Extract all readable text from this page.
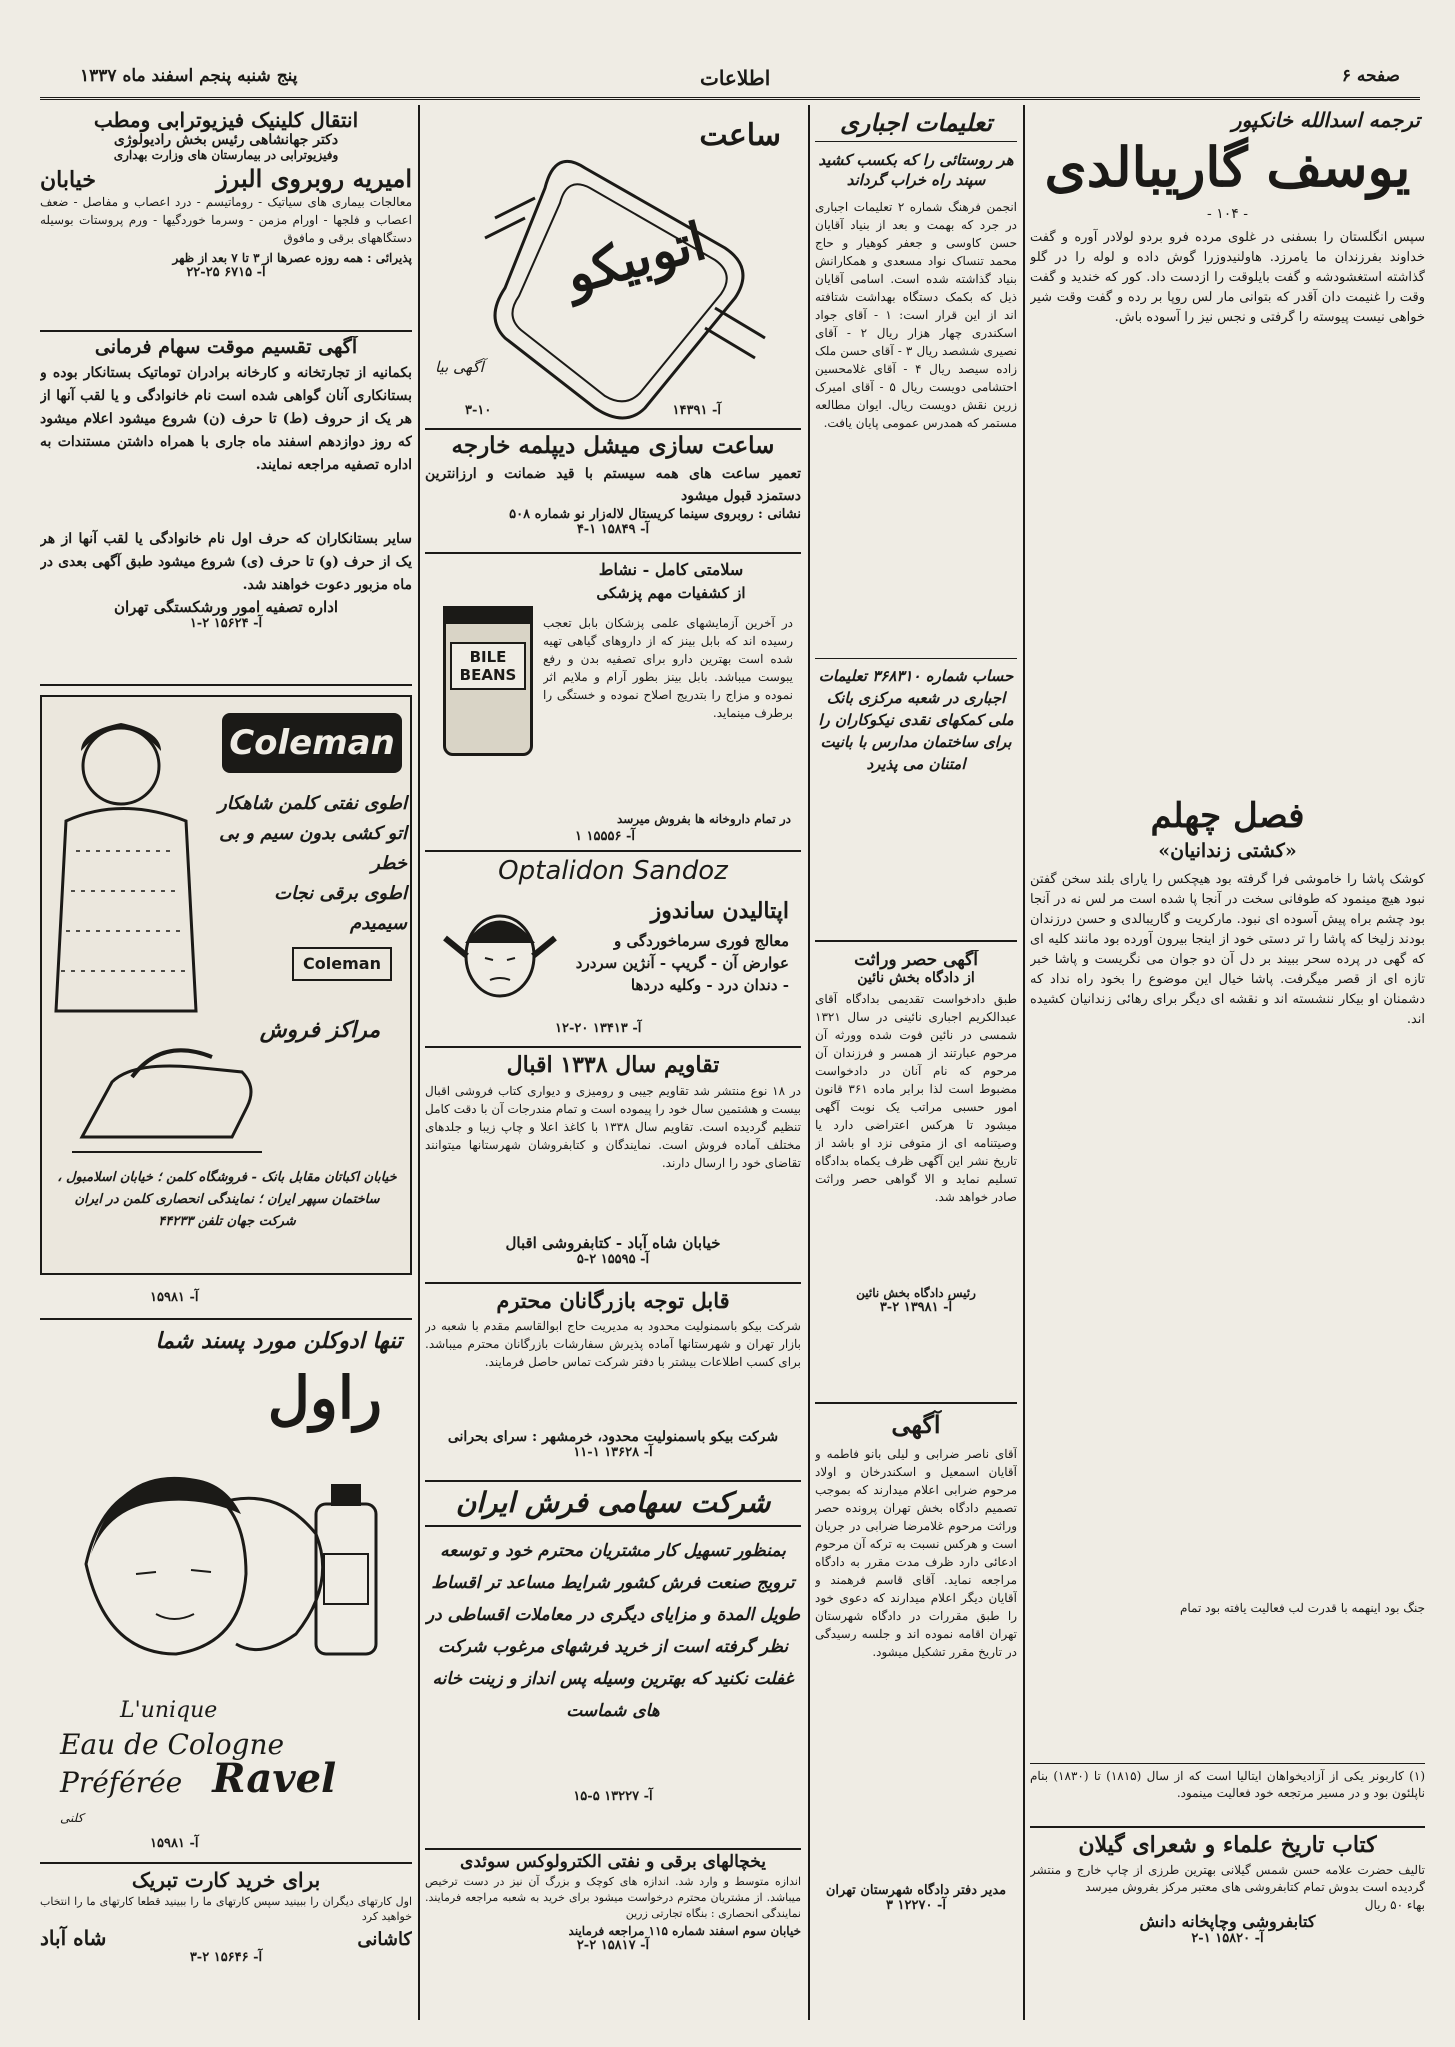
صفحه ۶
اطلاعات
پنج شنبه پنجم اسفند ماه ۱۳۳۷
ترجمه اسدالله خانکپور
یوسف گاریبالدی
- ۱۰۴ -
سپس انگلستان را بسفنی در غلوی مرده فرو بردو لولادر آوره و گفت خداوند بفرزندان ما یامرزد. هاولنیدوزرا گوش داده و لوله را در گلو گذاشته استغشودشه و گفت بایلوقت را ازدست داد. کور که خندید و گفت وقت را غنیمت دان آقدر که بتوانی مار لس روپا بر رده و گفت وقت شیر خواهی نیست پیوسته را گرفتی و نجس نیز را آسوده باش.
فصل چهلم
«کشتی زندانیان»
کوشک پاشا را خاموشی فرا گرفته بود هیچکس را یارای بلند سخن گفتن نبود هیچ مینمود که طوفانی سخت در آنجا پا شده است مر لس نه در آنجا بود چشم براه پیش آسوده ای نبود. مارکریت و گاریبالدی و حسن درزندان بودند زلیخا که پاشا را تر دستی خود از اینجا بیرون آورده بود مانند کلیه ای که گهی در پرده سحر ببیند بر دل آن دو جوان می نگریست و پاشا خبر تازه ای از قصر میگرفت. پاشا خیال این موضوع را بخود راه نداد که دشمنان او بیکار ننشسته اند و نقشه ای دیگر برای رهائی زندانیان کشیده اند.
جنگ بود اینهمه با قدرت لب فعالیت یافته بود تمام
(۱) کاربونر یکی از آزادیخواهان ایتالیا است که از سال (۱۸۱۵) تا (۱۸۳۰) بنام ناپلئون بود و در مسیر مرتجعه خود فعالیت مینمود.
کتاب تاریخ علماء و شعرای گیلان
تالیف حضرت علامه حسن شمس گیلانی بهترین طرزی از چاپ خارج و منتشر گردیده است بدوش تمام کتابفروشی های معتبر مرکز بفروش میرسد
بهاء ۵۰ ریال
کتابفروشی وچاپخانه دانش
آ- ۱۵۸۲۰ ۱-۲
تعلیمات اجباری
هر روستائی را که بکسب کشید سپند راه خراب گرداند
انجمن فرهنگ شماره ۲ تعلیمات اجباری در جرد که بهمت و بعد از بنیاد آقایان حسن کاوسی و جعفر کوهیار و حاج محمد تنساک نواد مسعدی و همکارانش بنیاد گذاشته شده است. اسامی آقایان ذیل که بکمک دستگاه بهداشت شتافته اند از این قرار است: ۱ - آقای جواد اسکندری چهار هزار ریال ۲ - آقای نصیری ششصد ریال ۳ - آقای حسن ملک زاده سیصد ریال ۴ - آقای غلامحسین احتشامی دویست ریال ۵ - آقای امیرک زرین نقش دویست ریال. ایوان مطالعه مستمر که همدرس عمومی پایان یافت.
حساب شماره ۳۶۸۳۱۰ تعلیمات اجباری در شعبه مرکزی بانک ملی کمکهای نقدی نیکوکاران را برای ساختمان مدارس با بانیت امتنان می پذیرد
آگهی حصر وراثت
از دادگاه بخش نائین
طبق دادخواست تقدیمی بدادگاه آقای عبدالکریم اجباری نائینی در سال ۱۳۲۱ شمسی در نائین فوت شده وورثه آن مرحوم عبارتند از همسر و فرزندان آن مرحوم که نام آنان در دادخواست مضبوط است لذا برابر ماده ۳۶۱ قانون امور حسبی مراتب یک نوبت آگهی میشود تا هرکس اعتراضی دارد یا وصیتنامه ای از متوفی نزد او باشد از تاریخ نشر این آگهی ظرف یکماه بدادگاه تسلیم نماید و الا گواهی حصر وراثت صادر خواهد شد.
رئیس دادگاه بخش نائین
آ- ۱۳۹۸۱ ۲-۳
آگهی
آقای ناصر ضرابی و لیلی بانو فاطمه و آقایان اسمعیل و اسکندرخان و اولاد مرحوم ضرابی اعلام میدارند که بموجب تصمیم دادگاه بخش تهران پرونده حصر وراثت مرحوم غلامرضا ضرابی در جریان است و هرکس نسبت به ترکه آن مرحوم ادعائی دارد ظرف مدت مقرر به دادگاه مراجعه نماید. آقای قاسم فرهمند و آقایان دیگر اعلام میدارند که دعوی خود را طبق مقررات در دادگاه شهرستان تهران اقامه نموده اند و جلسه رسیدگی در تاریخ مقرر تشکیل میشود.
مدیر دفتر دادگاه شهرستان تهران
آ- ۱۲۲۷۰ ۳
ساعت
اتوبیکو
آگهی بیا
آ- ۱۴۳۹۱
۳-۱۰
ساعت سازی میشل دیپلمه خارجه
تعمیر ساعت های همه سیستم با قید ضمانت و ارزانترین دستمزد قبول میشود
نشانی : روبروی سینما کریستال لاله‌زار نو شماره ۵۰۸
آ- ۱۵۸۴۹ ۱-۴
سلامتی کامل - نشاط
از کشفیات مهم پزشکی
در آخرین آزمایشهای علمی پزشکان بابل تعجب رسیده اند که بابل بینز که از داروهای گیاهی تهیه شده است بهترین دارو برای تصفیه بدن و رفع یبوست میباشد. بابل بینز بطور آرام و ملایم اثر نموده و مزاج را بتدریج اصلاح نموده و خستگی را برطرف مینماید.
BILE
BEANS
در تمام داروخانه ها بفروش میرسد
آ- ۱۵۵۵۶ ۱
Optalidon Sandoz
اپتالیدن ساندوز
معالج فوری سرماخوردگی و عوارض آن - گریپ - آنژین سردرد - دندان درد - وکلیه دردها
آ- ۱۳۴۱۳ ۲۰-۱۲
تقاویم سال ۱۳۳۸ اقبال
در ۱۸ نوع منتشر شد تقاویم جیبی و رومیزی و دیواری کتاب فروشی اقبال بیست و هشتمین سال خود را پیموده است و تمام مندرجات آن با دقت کامل تنظیم گردیده است. تقاویم سال ۱۳۳۸ با کاغذ اعلا و چاپ زیبا و جلدهای مختلف آماده فروش است. نمایندگان و کتابفروشان شهرستانها میتوانند تقاضای خود را ارسال دارند.
خیابان شاه آباد - کتابفروشی اقبال
آ- ۱۵۵۹۵ ۲-۵
قابل توجه بازرگانان محترم
شرکت بیکو باسمنوليت محدود به مدیریت حاج ابوالقاسم مقدم با شعبه در بازار تهران و شهرستانها آماده پذیرش سفارشات بازرگانان محترم میباشد. برای کسب اطلاعات بیشتر با دفتر شرکت تماس حاصل فرمایند.
شرکت بیکو باسمنوليت محدود، خرمشهر : سرای بحرانی
آ- ۱۳۶۲۸ ۱-۱۱
شرکت سهامی فرش ایران
بمنظور تسهیل کار مشتریان محترم خود و توسعه ترویج صنعت فرش کشور شرایط مساعد تر اقساط طویل المدة و مزایای دیگری در معاملات اقساطی در نظر گرفته است از خرید فرشهای مرغوب شرکت غفلت نکنید که بهترین وسیله پس انداز و زینت خانه های شماست
آ- ۱۳۲۲۷ ۵-۱۵
یخچالهای برقی و نفتی الکترولوکس سوئدی
اندازه متوسط و وارد شد. اندازه های کوچک و بزرگ آن نیز در دست ترخیص میباشد. از مشتریان محترم درخواست میشود برای خرید به شعبه مراجعه فرمایند. نمایندگی انحصاری : بنگاه تجارتی زرین
خیابان سوم اسفند شماره ۱۱۵ مراجعه فرمایند
آ- ۱۵۸۱۷ ۲-۲
انتقال کلینیک فیزیوترابی ومطب
دکتر جهانشاهی رئیس بخش رادیولوژی
وفیزیوترابی در بیمارستان های وزارت بهداری
امیریه روبروی البرز
خیابان
معالجات بیماری های سیاتیک - روماتیسم - درد اعصاب و مفاصل - ضعف اعصاب و فلجها - اورام مزمن - وسرما خوردگیها - ورم پروستات بوسیله دستگاههای برقی و مافوق
پذیرائی : همه روزه عصرها از ۳ تا ۷ بعد از ظهر
آ- ۶۷۱۵ ۲۵-۲۲
آگهی تقسیم موقت سهام فرمانی
بکمانیه از تجارتخانه و کارخانه برادران توماتیک بستانکار بوده و بستانکاری آنان گواهی شده است نام خانوادگی و یا لقب آنها از هر یک از حروف (ط) تا حرف (ن) شروع میشود اعلام میشود که روز دوازدهم اسفند ماه جاری با همراه داشتن مستندات به اداره تصفیه مراجعه نمایند.
سایر بستانکاران که حرف اول نام خانوادگی یا لقب آنها از هر یک از حرف (و) تا حرف (ی) شروع میشود طبق آگهی بعدی در ماه مزبور دعوت خواهند شد.
اداره تصفیه امور ورشکستگی تهران
آ- ۱۵۶۲۴ ۲-۱
Coleman
اطوی نفتی کلمن شاهکار
اتو کشی بدون سیم و بی خطر
اطوی برقی نجات سیمیدم
Coleman
مراکز فروش
خیابان اکباتان مقابل بانک - فروشگاه کلمن ؛ خیابان اسلامبول ، ساختمان سپهر ایران ؛ نمایندگی انحصاری کلمن در ایران شرکت جهان تلفن ۴۴۲۳۳
آ- ۱۵۹۸۱
تنها ادوکلن مورد پسند شما
راول
L'unique
Eau de Cologne
Préférée Ravel
کلنی
آ- ۱۵۹۸۱
برای خرید کارت تبریک
اول کارتهای دیگران را ببینید سپس کارتهای ما را ببینید قطعا کارتهای ما را انتخاب خواهید کرد
کاشانی
شاه آباد
آ- ۱۵۶۴۶ ۲-۳
